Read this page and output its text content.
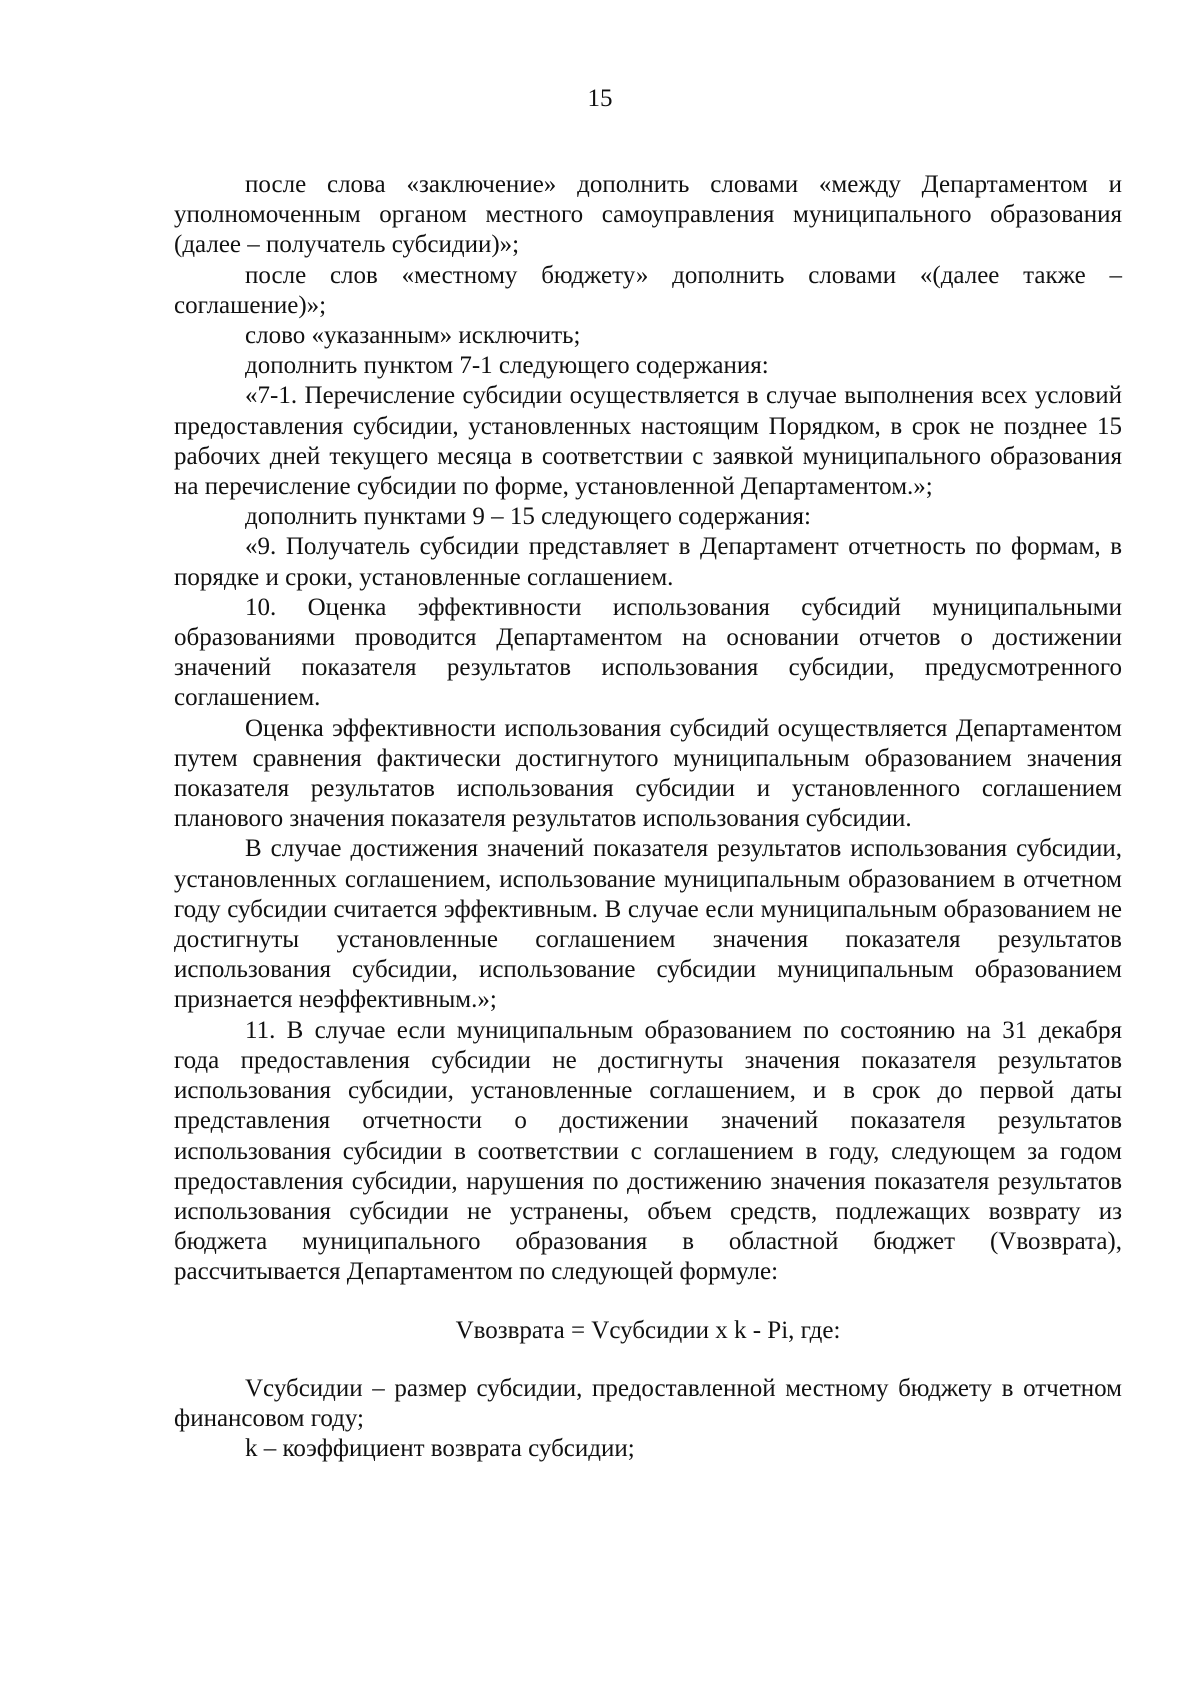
15

после слова «заключение» дополнить словами «между Департаментом и уполномоченным органом местного самоуправления муниципального образования (далее – получатель субсидии)»;

после слов «местному бюджету» дополнить словами «(далее также – соглашение)»;

слово «указанным» исключить;

дополнить пунктом 7-1 следующего содержания:

«7-1. Перечисление субсидии осуществляется в случае выполнения всех условий предоставления субсидии, установленных настоящим Порядком, в срок не позднее 15 рабочих дней текущего месяца в соответствии с заявкой муниципального образования на перечисление субсидии по форме, установленной Департаментом.»;

дополнить пунктами 9 – 15 следующего содержания:

«9. Получатель субсидии представляет в Департамент отчетность по формам, в порядке и сроки, установленные соглашением.

10. Оценка эффективности использования субсидий муниципальными образованиями проводится Департаментом на основании отчетов о достижении значений показателя результатов использования субсидии, предусмотренного соглашением.

Оценка эффективности использования субсидий осуществляется Департаментом путем сравнения фактически достигнутого муниципальным образованием значения показателя результатов использования субсидии и установленного соглашением планового значения показателя результатов использования субсидии.

В случае достижения значений показателя результатов использования субсидии, установленных соглашением, использование муниципальным образованием в отчетном году субсидии считается эффективным. В случае если муниципальным образованием не достигнуты установленные соглашением значения показателя результатов использования субсидии, использование субсидии муниципальным образованием признается неэффективным.»;

11. В случае если муниципальным образованием по состоянию на 31 декабря года предоставления субсидии не достигнуты значения показателя результатов использования субсидии, установленные соглашением, и в срок до первой даты представления отчетности о достижении значений показателя результатов использования субсидии в соответствии с соглашением в году, следующем за годом предоставления субсидии, нарушения по достижению значения показателя результатов использования субсидии не устранены, объем средств, подлежащих возврату из бюджета муниципального образования в областной бюджет (Vвозврата), рассчитывается Департаментом по следующей формуле:

Vвозврата = Vсубсидии x k - Pi, где:

Vсубсидии – размер субсидии, предоставленной местному бюджету в отчетном финансовом году;

k – коэффициент возврата субсидии;
